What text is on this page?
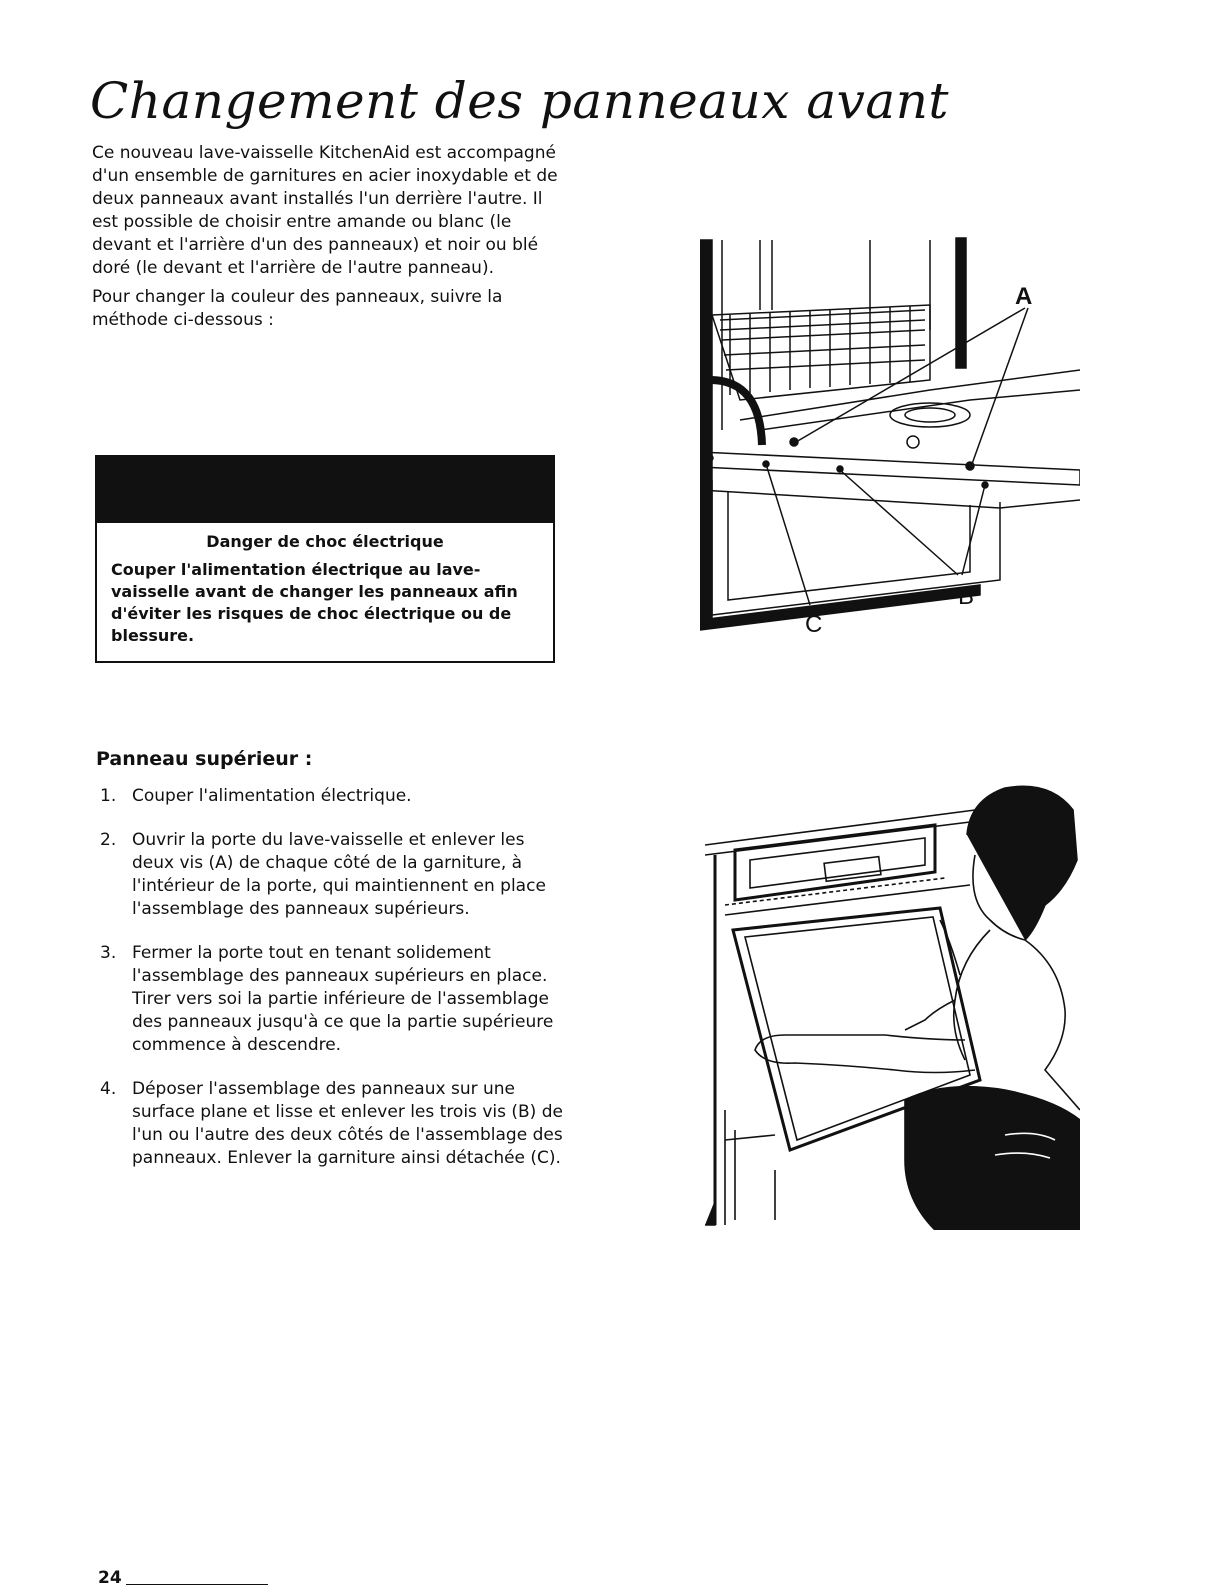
Changement des panneaux avant

Ce nouveau lave-vaisselle KitchenAid est accompagné d'un ensemble de garnitures en acier inoxydable et de deux panneaux avant installés l'un derrière l'autre. Il est possible de choisir entre amande ou blanc (le devant et l'arrière d'un des panneaux) et noir ou blé doré (le devant et l'arrière de l'autre panneau).

Pour changer la couleur des panneaux, suivre la méthode ci-dessous :

Danger de choc électrique

Couper l'alimentation électrique au lave-vaisselle avant de changer les panneaux afin d'éviter les risques de choc électrique ou de blessure.

A
B
C
Panneau supérieur :
1. Couper l'alimentation électrique.
2. Ouvrir la porte du lave-vaisselle et enlever les deux vis (A) de chaque côté de la garniture, à l'intérieur de la porte, qui maintiennent en place l'assemblage des panneaux supérieurs.
3. Fermer la porte tout en tenant solidement l'assemblage des panneaux supérieurs en place. Tirer vers soi la partie inférieure de l'assemblage des panneaux jusqu'à ce que la partie supérieure commence à descendre.
4. Déposer l'assemblage des panneaux sur une surface plane et lisse et enlever les trois vis (B) de l'un ou l'autre des deux côtés de l'assemblage des panneaux. Enlever la garniture ainsi détachée (C).
24
